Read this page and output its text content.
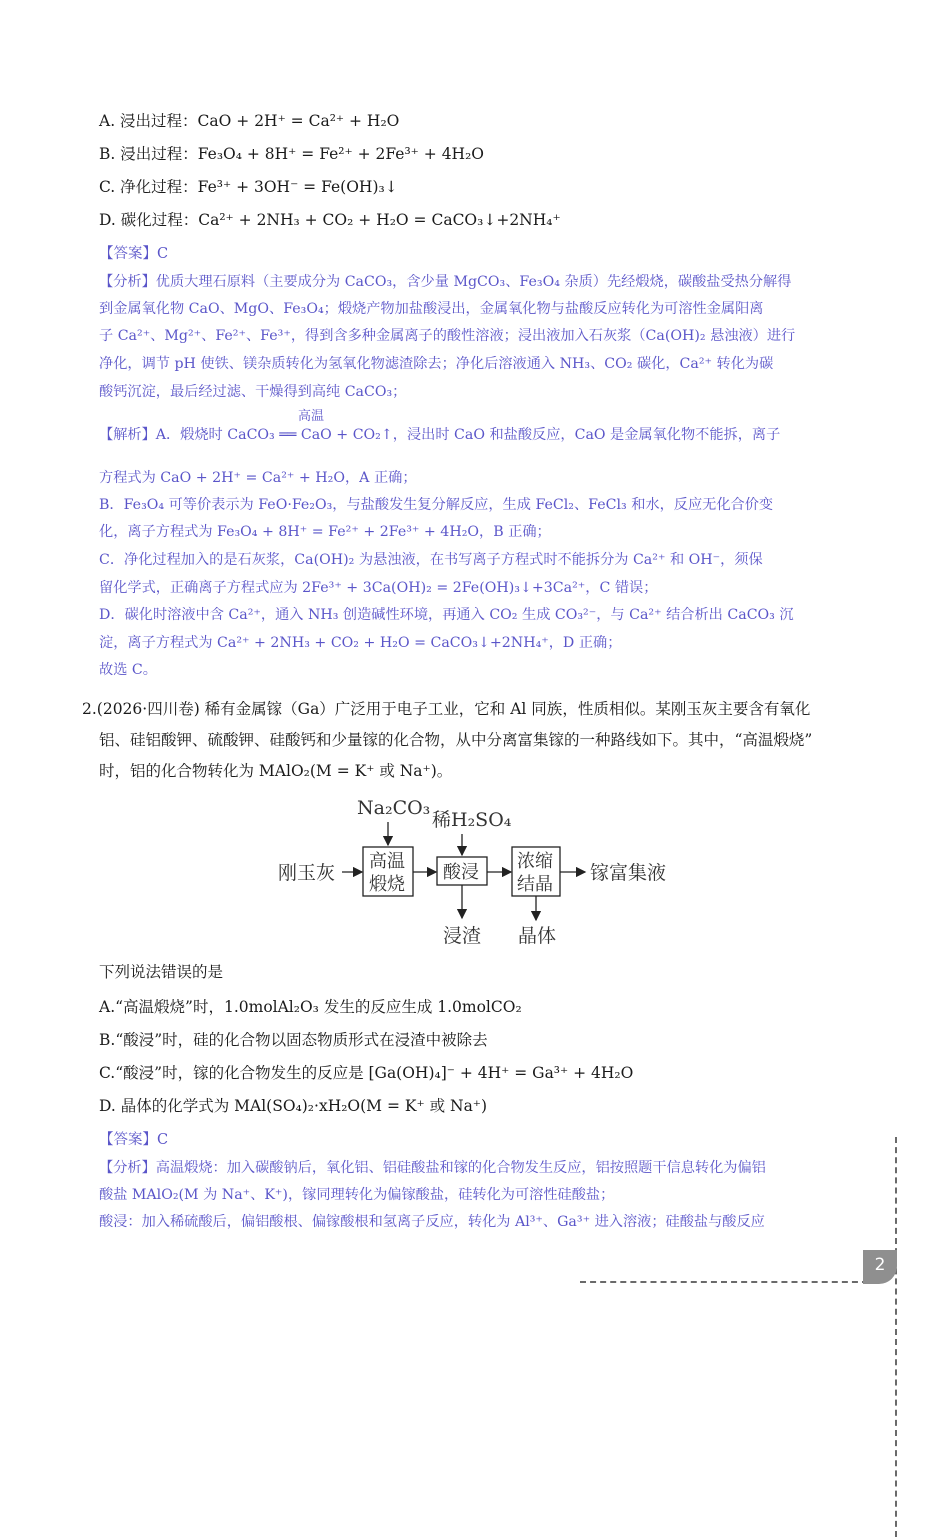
A. 浸出过程：CaO + 2H⁺ = Ca²⁺ + H₂O
B. 浸出过程：Fe₃O₄ + 8H⁺ = Fe²⁺ + 2Fe³⁺ + 4H₂O
C. 净化过程：Fe³⁺ + 3OH⁻ = Fe(OH)₃↓
D. 碳化过程：Ca²⁺ + 2NH₃ + CO₂ + H₂O = CaCO₃↓+2NH₄⁺
【答案】C
【分析】优质大理石原料（主要成分为 CaCO₃，含少量 MgCO₃、Fe₃O₄ 杂质）先经煅烧，碳酸盐受热分解得
到金属氧化物 CaO、MgO、Fe₃O₄；煅烧产物加盐酸浸出，金属氧化物与盐酸反应转化为可溶性金属阳离
子 Ca²⁺、Mg²⁺、Fe²⁺、Fe³⁺，得到含多种金属离子的酸性溶液；浸出液加入石灰浆（Ca(OH)₂ 悬浊液）进行
净化，调节 pH 使铁、镁杂质转化为氢氧化物滤渣除去；净化后溶液通入 NH₃、CO₂ 碳化，Ca²⁺ 转化为碳
酸钙沉淀，最后经过滤、干燥得到高纯 CaCO₃；
高温
【解析】A．煅烧时 CaCO₃ ══ CaO + CO₂↑，浸出时 CaO 和盐酸反应，CaO 是金属氧化物不能拆，离子
方程式为 CaO + 2H⁺ = Ca²⁺ + H₂O，A 正确；
B．Fe₃O₄ 可等价表示为 FeO·Fe₂O₃，与盐酸发生复分解反应，生成 FeCl₂、FeCl₃ 和水，反应无化合价变
化，离子方程式为 Fe₃O₄ + 8H⁺ = Fe²⁺ + 2Fe³⁺ + 4H₂O，B 正确；
C．净化过程加入的是石灰浆，Ca(OH)₂ 为悬浊液，在书写离子方程式时不能拆分为 Ca²⁺ 和 OH⁻，须保
留化学式，正确离子方程式应为 2Fe³⁺ + 3Ca(OH)₂ = 2Fe(OH)₃↓+3Ca²⁺，C 错误；
D．碳化时溶液中含 Ca²⁺，通入 NH₃ 创造碱性环境，再通入 CO₂ 生成 CO₃²⁻，与 Ca²⁺ 结合析出 CaCO₃ 沉
淀，离子方程式为 Ca²⁺ + 2NH₃ + CO₂ + H₂O = CaCO₃↓+2NH₄⁺，D 正确；
故选 C。
2.(2026·四川卷) 稀有金属镓（Ga）广泛用于电子工业，它和 Al 同族，性质相似。某刚玉灰主要含有氧化
铝、硅铝酸钾、硫酸钾、硅酸钙和少量镓的化合物，从中分离富集镓的一种路线如下。其中，“高温煅烧”
时，铝的化合物转化为 MAlO₂(M = K⁺ 或 Na⁺)。
Na₂CO₃
稀H₂SO₄
刚玉灰
高温
煅烧
酸浸
浓缩
结晶
镓富集液
浸渣 晶体
下列说法错误的是
A.“高温煅烧”时，1.0molAl₂O₃ 发生的反应生成 1.0molCO₂
B.“酸浸”时，硅的化合物以固态物质形式在浸渣中被除去
C.“酸浸”时，镓的化合物发生的反应是 [Ga(OH)₄]⁻ + 4H⁺ = Ga³⁺ + 4H₂O
D. 晶体的化学式为 MAl(SO₄)₂·xH₂O(M = K⁺ 或 Na⁺)
【答案】C
【分析】高温煅烧：加入碳酸钠后，氧化铝、铝硅酸盐和镓的化合物发生反应，铝按照题干信息转化为偏铝
酸盐 MAlO₂(M 为 Na⁺、K⁺)，镓同理转化为偏镓酸盐，硅转化为可溶性硅酸盐；
酸浸：加入稀硫酸后，偏铝酸根、偏镓酸根和氢离子反应，转化为 Al³⁺、Ga³⁺ 进入溶液；硅酸盐与酸反应
2
